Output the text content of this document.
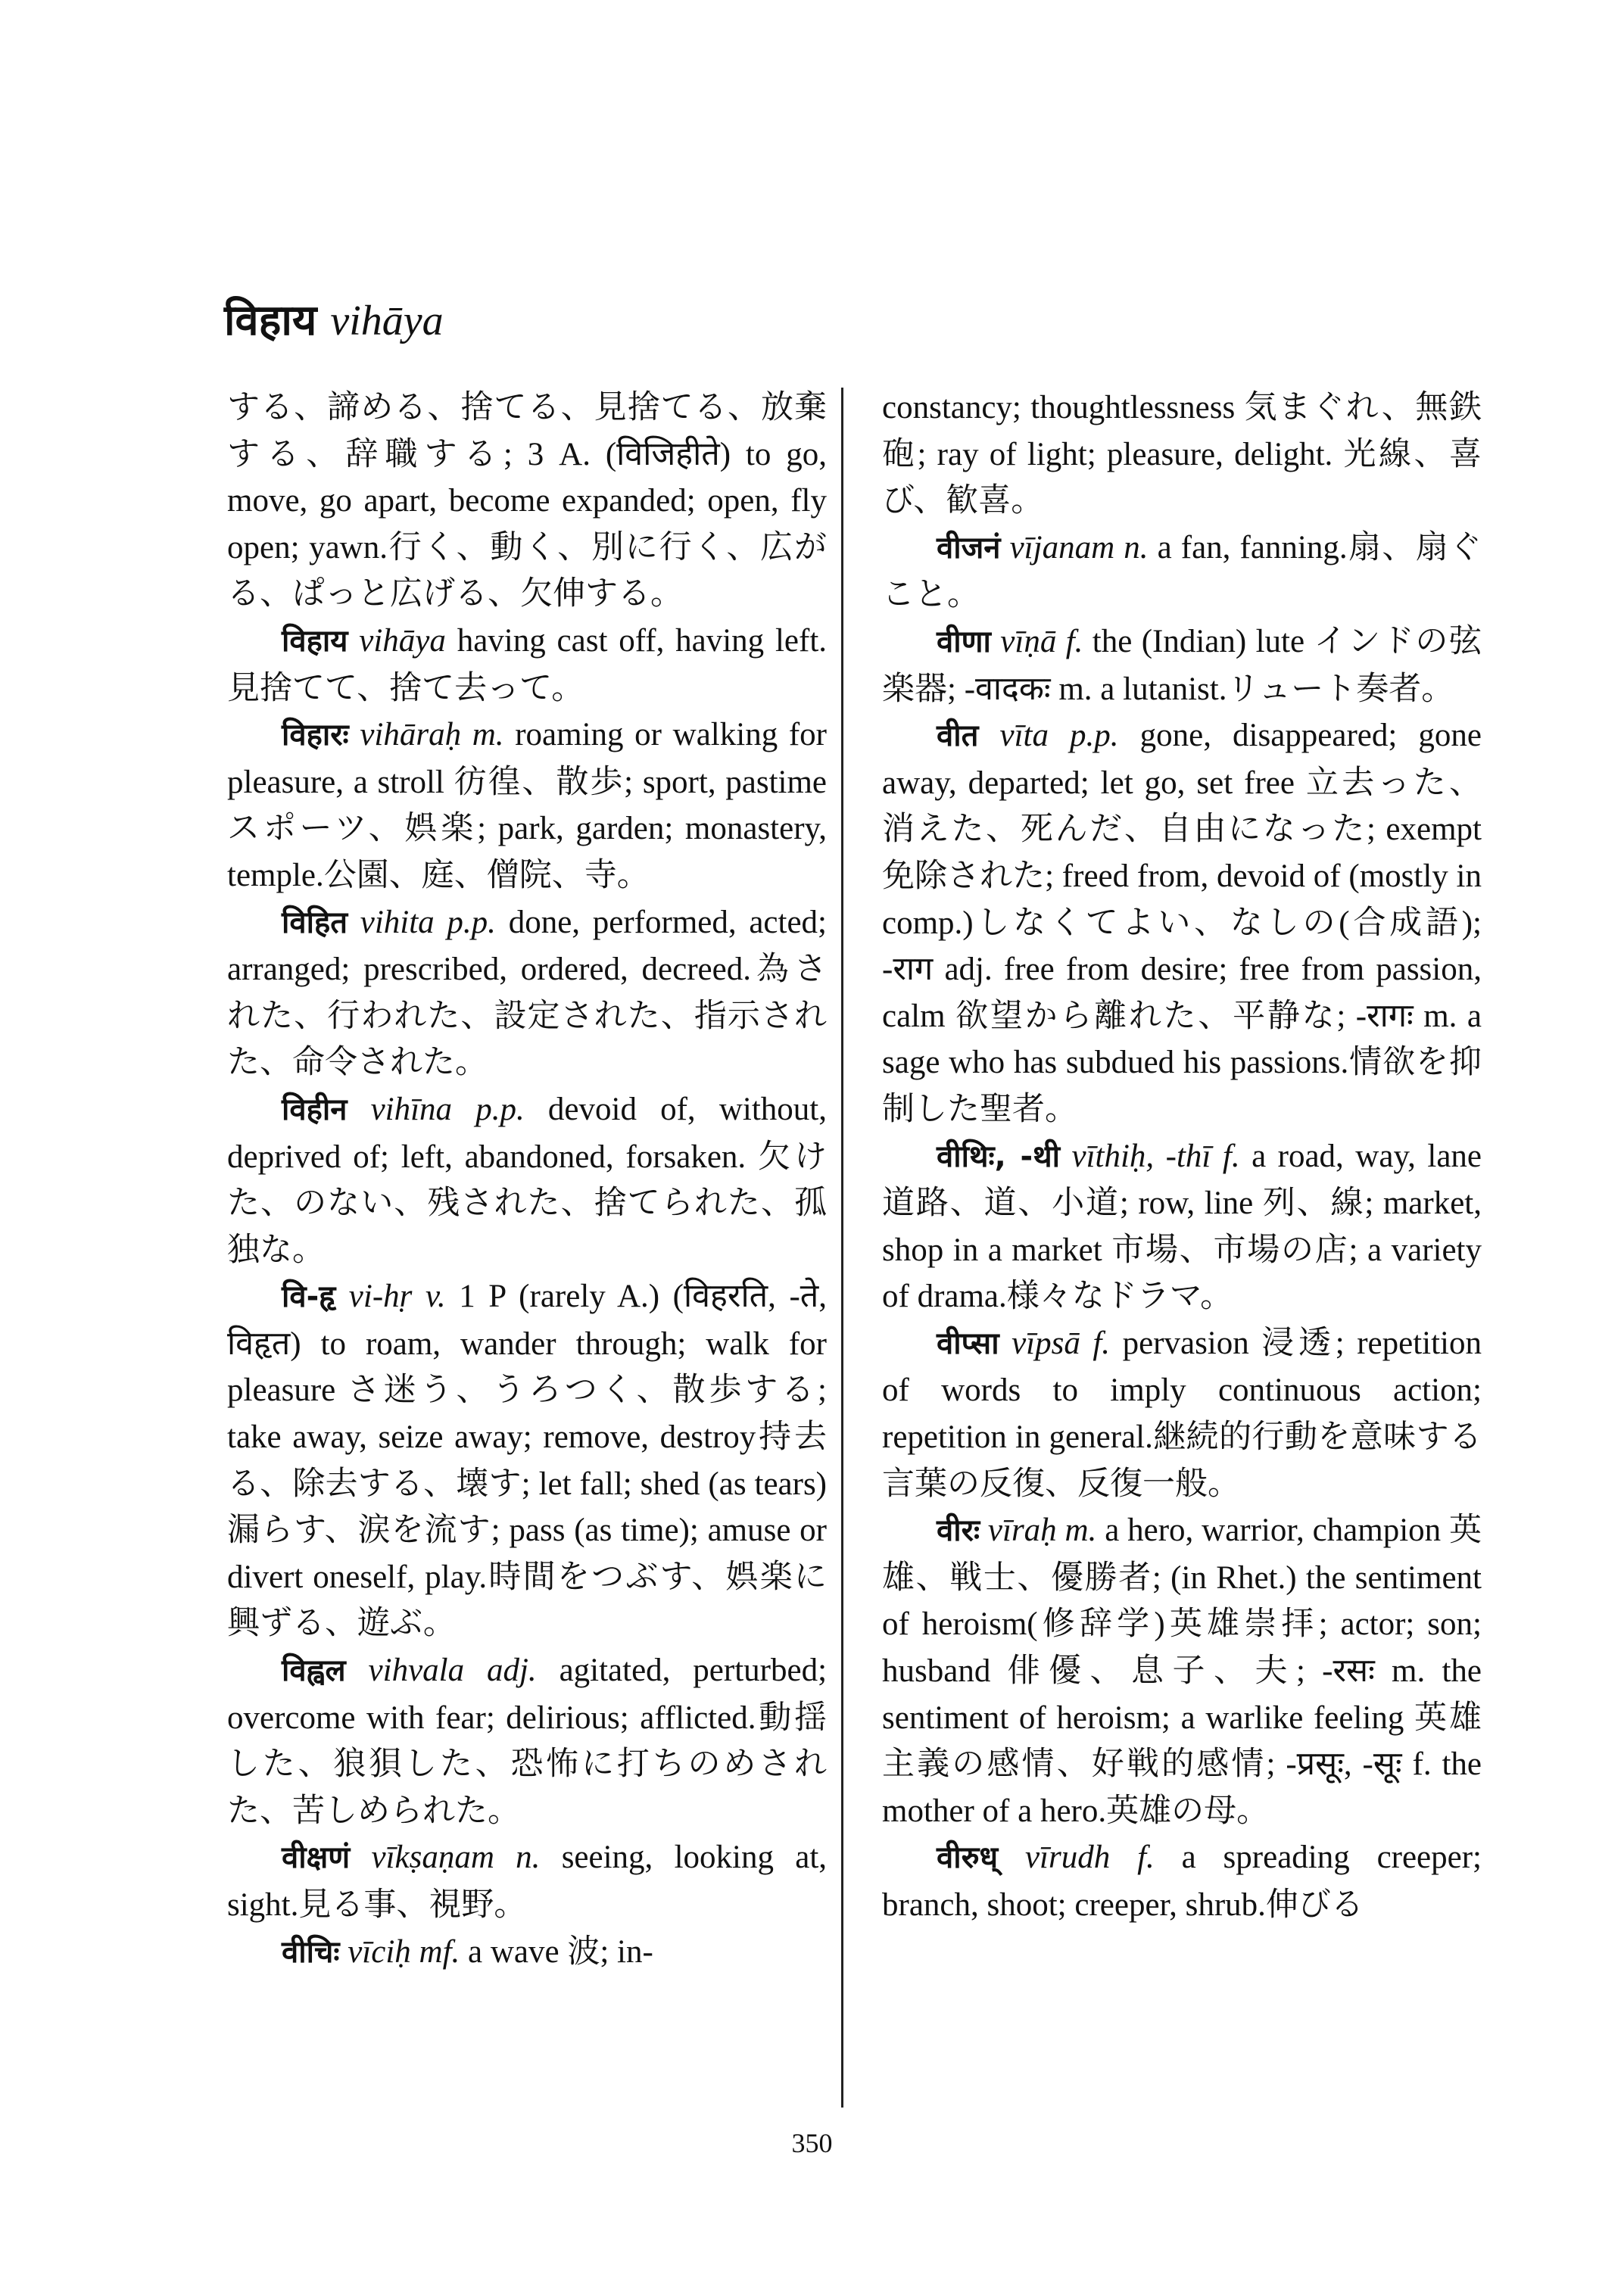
विहाय vihāya

する、諦める、捨てる、見捨てる、放棄する、辞職する; 3 A. (विजिहीते) to go, move, go apart, become expanded; open, fly open; yawn.行く、動く、別に行く、広がる、ぱっと広げる、欠伸する。

विहाय vihāya having cast off, having left.見捨てて、捨て去って。

विहारः vihāraḥ m. roaming or walking for pleasure, a stroll 彷徨、散歩; sport, pastime スポーツ、娯楽; park, garden; monastery, temple.公園、庭、僧院、寺。

विहित vihita p.p. done, performed, acted; arranged; prescribed, ordered, decreed.為された、行われた、設定された、指示された、命令された。

विहीन vihīna p.p. devoid of, without, deprived of; left, abandoned, forsaken. 欠けた、のない、残された、捨てられた、孤独な。

वि-हृ vi-hṛ v. 1 P (rarely A.) (विहरति, -ते, विहृत) to roam, wander through; walk for pleasure さ迷う、うろつく、散歩する; take away, seize away; remove, destroy持去る、除去する、壊す; let fall; shed (as tears)漏らす、涙を流す; pass (as time); amuse or divert oneself, play.時間をつぶす、娯楽に興ずる、遊ぶ。

विह्वल vihvala adj. agitated, perturbed; overcome with fear; delirious; afflicted.動揺した、狼狽した、恐怖に打ちのめされた、苦しめられた。

वीक्षणं vīkṣaṇam n. seeing, looking at, sight.見る事、視野。

वीचिः vīciḥ mf. a wave 波; in-

constancy; thoughtlessness 気まぐれ、無鉄砲; ray of light; pleasure, delight. 光線、喜び、歓喜。

वीजनं vījanam n. a fan, fanning.扇、扇ぐこと。

वीणा vīṇā f. the (Indian) lute インドの弦楽器; -वादकः m. a lutanist.リュート奏者。

वीत vīta p.p. gone, disappeared; gone away, departed; let go, set free 立去った、消えた、死んだ、自由になった; exempt 免除された; freed from, devoid of (mostly in comp.)しなくてよい、なしの(合成語); -राग adj. free from desire; free from passion, calm 欲望から離れた、平静な; -रागः m. a sage who has subdued his passions.情欲を抑制した聖者。

वीथिः, -थी vīthiḥ, -thī f. a road, way, lane 道路、道、小道; row, line 列、線; market, shop in a market 市場、市場の店; a variety of drama.様々なドラマ。

वीप्सा vīpsā f. pervasion 浸透; repetition of words to imply continuous action; repetition in general.継続的行動を意味する言葉の反復、反復一般。

वीरः vīraḥ m. a hero, warrior, champion 英雄、戦士、優勝者; (in Rhet.) the sentiment of heroism(修辞学)英雄崇拝; actor; son; husband 俳優、息子、夫; -रसः m. the sentiment of heroism; a warlike feeling 英雄主義の感情、好戦的感情; -प्रसूः, -सूः f. the mother of a hero.英雄の母。

वीरुध् vīrudh f. a spreading creeper; branch, shoot; creeper, shrub.伸びる

350
